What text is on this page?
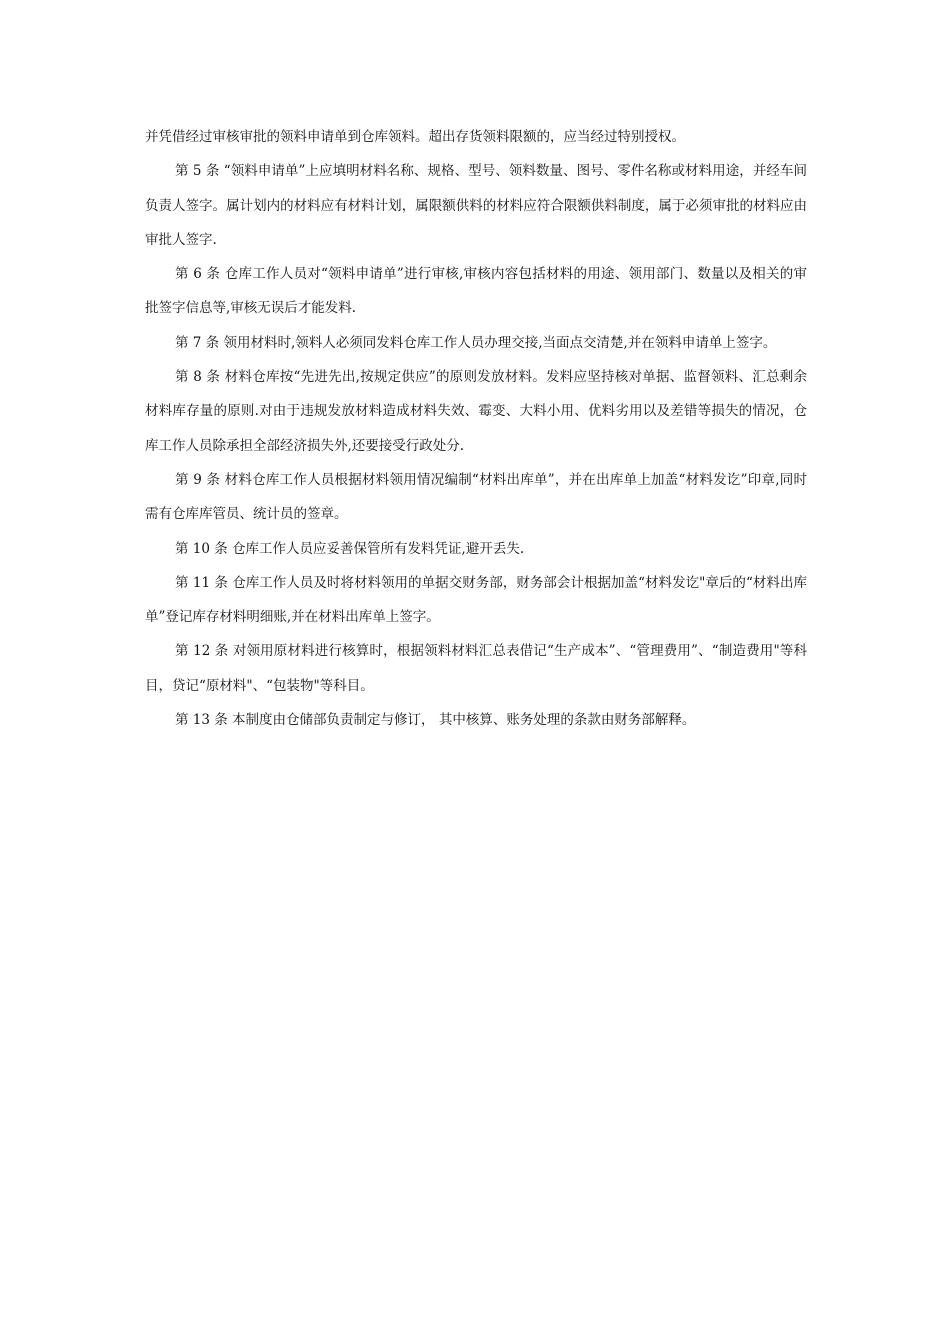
并凭借经过审核审批的领料申请单到仓库领料。超出存货领料限额的，应当经过特别授权。

第 5 条 “领料申请单”上应填明材料名称、规格、型号、领料数量、图号、零件名称或材料用途，并经车间负责人签字。属计划内的材料应有材料计划，属限额供料的材料应符合限额供料制度，属于必须审批的材料应由审批人签字.

第 6 条 仓库工作人员对“领料申请单”进行审核,审核内容包括材料的用途、领用部门、数量以及相关的审批签字信息等,审核无误后才能发料.

第 7 条 领用材料时,领料人必须同发料仓库工作人员办理交接,当面点交清楚,并在领料申请单上签字。

第 8 条 材料仓库按“先进先出,按规定供应”的原则发放材料。发料应坚持核对单据、监督领料、汇总剩余材料库存量的原则.对由于违规发放材料造成材料失效、霉变、大料小用、优料劣用以及差错等损失的情况，仓库工作人员除承担全部经济损失外,还要接受行政处分.

第 9 条 材料仓库工作人员根据材料领用情况编制“材料出库单”，并在出库单上加盖“材料发讫”印章,同时需有仓库库管员、统计员的签章。

第 10 条 仓库工作人员应妥善保管所有发料凭证,避开丢失.

第 11 条 仓库工作人员及时将材料领用的单据交财务部，财务部会计根据加盖“材料发讫"章后的“材料出库单”登记库存材料明细账,并在材料出库单上签字。

第 12 条 对领用原材料进行核算时，根据领料材料汇总表借记“生产成本”、“管理费用”、“制造费用"等科目，贷记“原材料"、“包装物"等科目。

第 13 条 本制度由仓储部负责制定与修订， 其中核算、账务处理的条款由财务部解释。
